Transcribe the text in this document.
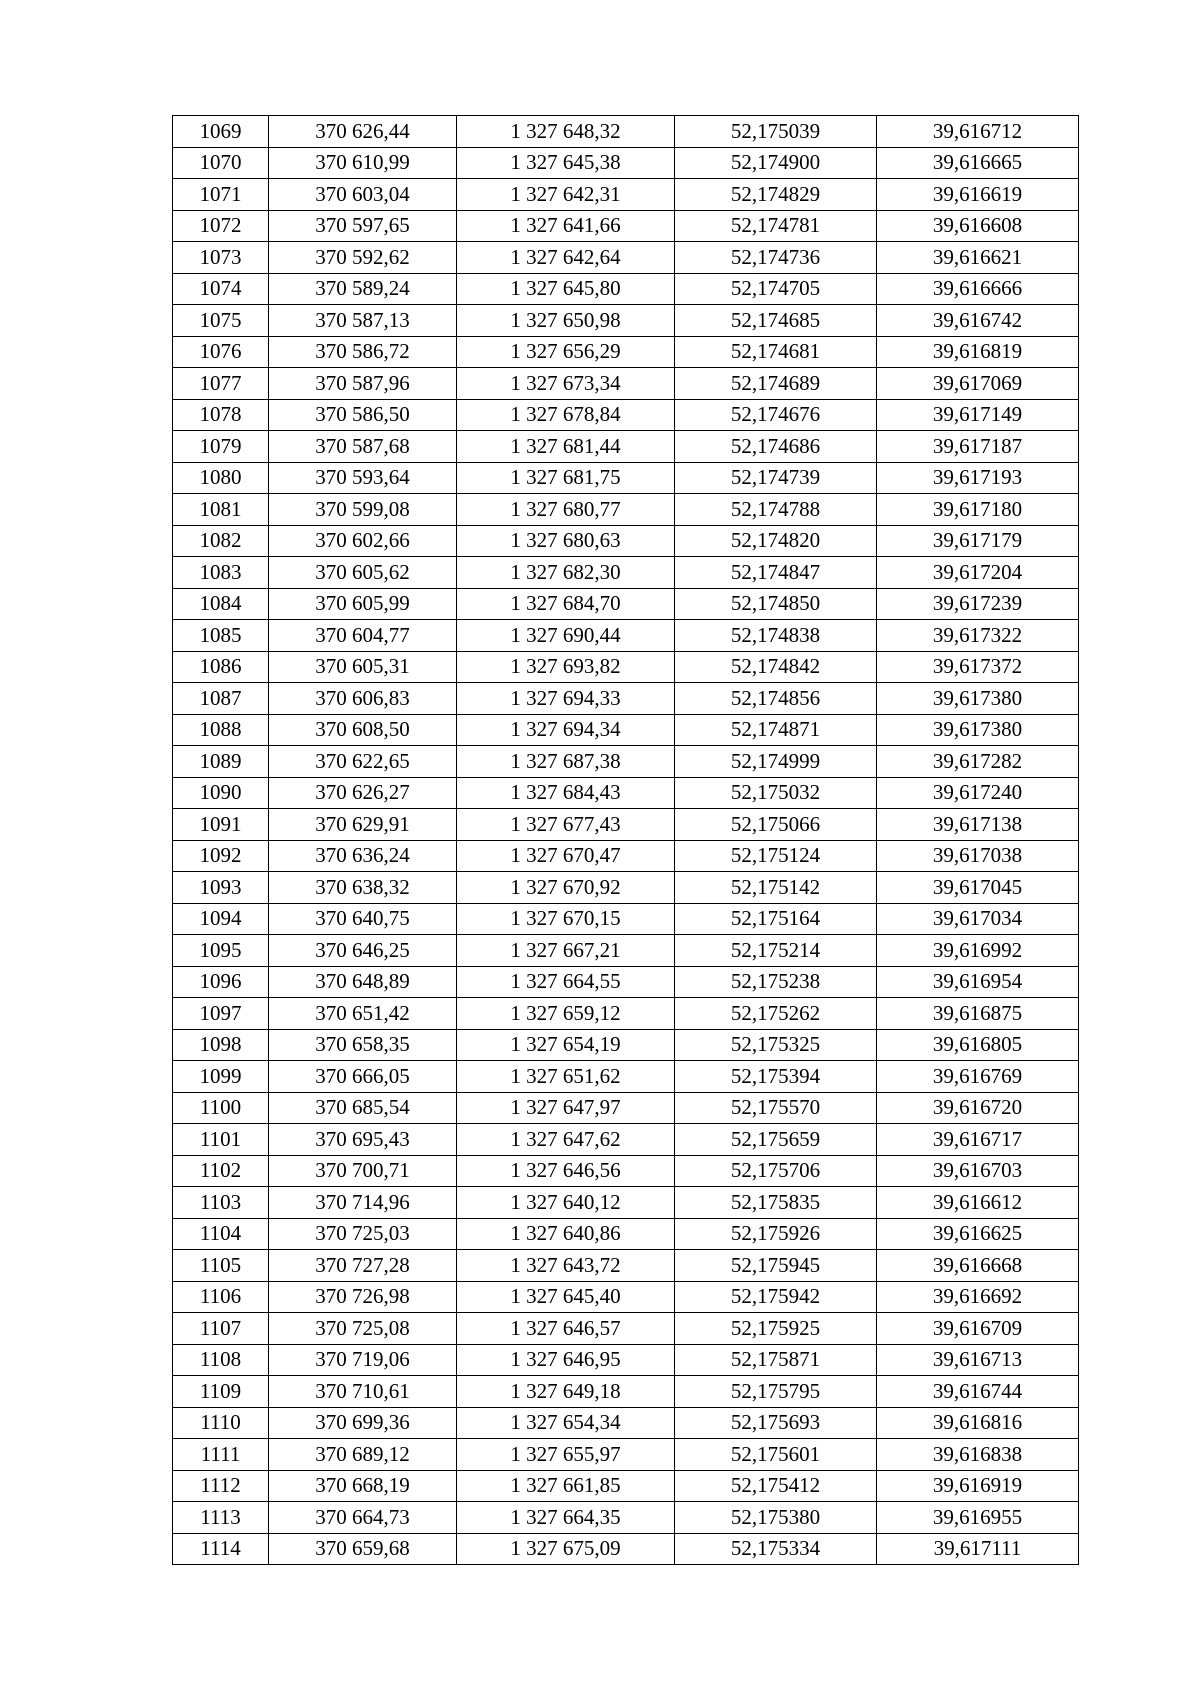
1069	370 626,44	1 327 648,32	52,175039	39,616712
1070	370 610,99	1 327 645,38	52,174900	39,616665
1071	370 603,04	1 327 642,31	52,174829	39,616619
1072	370 597,65	1 327 641,66	52,174781	39,616608
1073	370 592,62	1 327 642,64	52,174736	39,616621
1074	370 589,24	1 327 645,80	52,174705	39,616666
1075	370 587,13	1 327 650,98	52,174685	39,616742
1076	370 586,72	1 327 656,29	52,174681	39,616819
1077	370 587,96	1 327 673,34	52,174689	39,617069
1078	370 586,50	1 327 678,84	52,174676	39,617149
1079	370 587,68	1 327 681,44	52,174686	39,617187
1080	370 593,64	1 327 681,75	52,174739	39,617193
1081	370 599,08	1 327 680,77	52,174788	39,617180
1082	370 602,66	1 327 680,63	52,174820	39,617179
1083	370 605,62	1 327 682,30	52,174847	39,617204
1084	370 605,99	1 327 684,70	52,174850	39,617239
1085	370 604,77	1 327 690,44	52,174838	39,617322
1086	370 605,31	1 327 693,82	52,174842	39,617372
1087	370 606,83	1 327 694,33	52,174856	39,617380
1088	370 608,50	1 327 694,34	52,174871	39,617380
1089	370 622,65	1 327 687,38	52,174999	39,617282
1090	370 626,27	1 327 684,43	52,175032	39,617240
1091	370 629,91	1 327 677,43	52,175066	39,617138
1092	370 636,24	1 327 670,47	52,175124	39,617038
1093	370 638,32	1 327 670,92	52,175142	39,617045
1094	370 640,75	1 327 670,15	52,175164	39,617034
1095	370 646,25	1 327 667,21	52,175214	39,616992
1096	370 648,89	1 327 664,55	52,175238	39,616954
1097	370 651,42	1 327 659,12	52,175262	39,616875
1098	370 658,35	1 327 654,19	52,175325	39,616805
1099	370 666,05	1 327 651,62	52,175394	39,616769
1100	370 685,54	1 327 647,97	52,175570	39,616720
1101	370 695,43	1 327 647,62	52,175659	39,616717
1102	370 700,71	1 327 646,56	52,175706	39,616703
1103	370 714,96	1 327 640,12	52,175835	39,616612
1104	370 725,03	1 327 640,86	52,175926	39,616625
1105	370 727,28	1 327 643,72	52,175945	39,616668
1106	370 726,98	1 327 645,40	52,175942	39,616692
1107	370 725,08	1 327 646,57	52,175925	39,616709
1108	370 719,06	1 327 646,95	52,175871	39,616713
1109	370 710,61	1 327 649,18	52,175795	39,616744
1110	370 699,36	1 327 654,34	52,175693	39,616816
1111	370 689,12	1 327 655,97	52,175601	39,616838
1112	370 668,19	1 327 661,85	52,175412	39,616919
1113	370 664,73	1 327 664,35	52,175380	39,616955
1114	370 659,68	1 327 675,09	52,175334	39,617111
